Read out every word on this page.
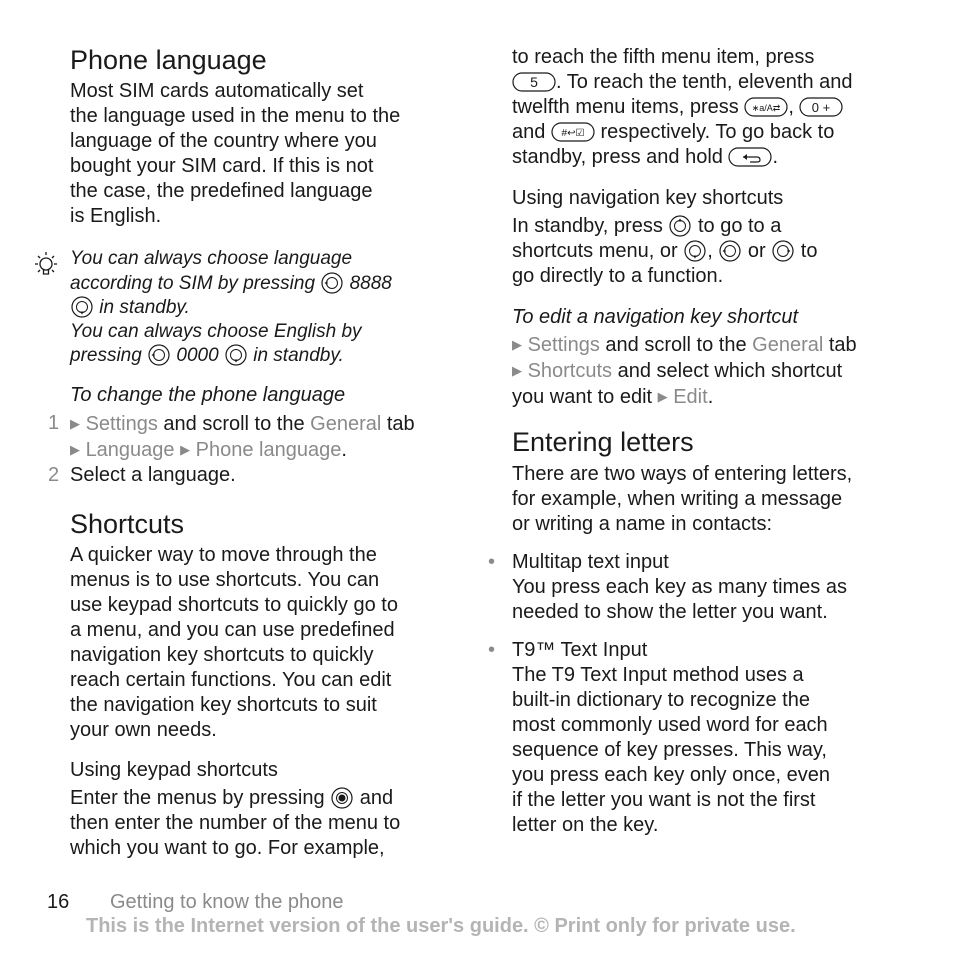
Phone language
Most SIM cards automatically set
the language used in the menu to the
language of the country where you
bought your SIM card. If this is not
the case, the predefined language
is English.
You can always choose language
according to SIM by pressing 8888
in standby.
You can always choose English by
pressing 0000 in standby.
To change the phone language
▶ Settings and scroll to the General tab
▶ Language ▶ Phone language.
1
2 Select a language.
Shortcuts
A quicker way to move through the
menus is to use shortcuts. You can
use keypad shortcuts to quickly go to
a menu, and you can use predefined
navigation key shortcuts to quickly
reach certain functions. You can edit
the navigation key shortcuts to suit
your own needs.
Using keypad shortcuts
Enter the menus by pressing and
then enter the number of the menu to
which you want to go. For example,
to reach the fifth menu item, press
5 . To reach the tenth, eleventh and
twelfth menu items, press ∗a/A⇄ , 0 +
and #↩☑ respectively. To go back to
standby, press and hold .
Using navigation key shortcuts
In standby, press to go to a
shortcuts menu, or , or to
go directly to a function.
To edit a navigation key shortcut
▶ Settings and scroll to the General tab
▶ Shortcuts and select which shortcut
you want to edit ▶ Edit.
Entering letters
There are two ways of entering letters,
for example, when writing a message
or writing a name in contacts:
• Multitap text input
You press each key as many times as
needed to show the letter you want.
• T9™ Text Input
The T9 Text Input method uses a
built-in dictionary to recognize the
most commonly used word for each
sequence of key presses. This way,
you press each key only once, even
if the letter you want is not the first
letter on the key.
16 Getting to know the phone
This is the Internet version of the user's guide. © Print only for private use.
